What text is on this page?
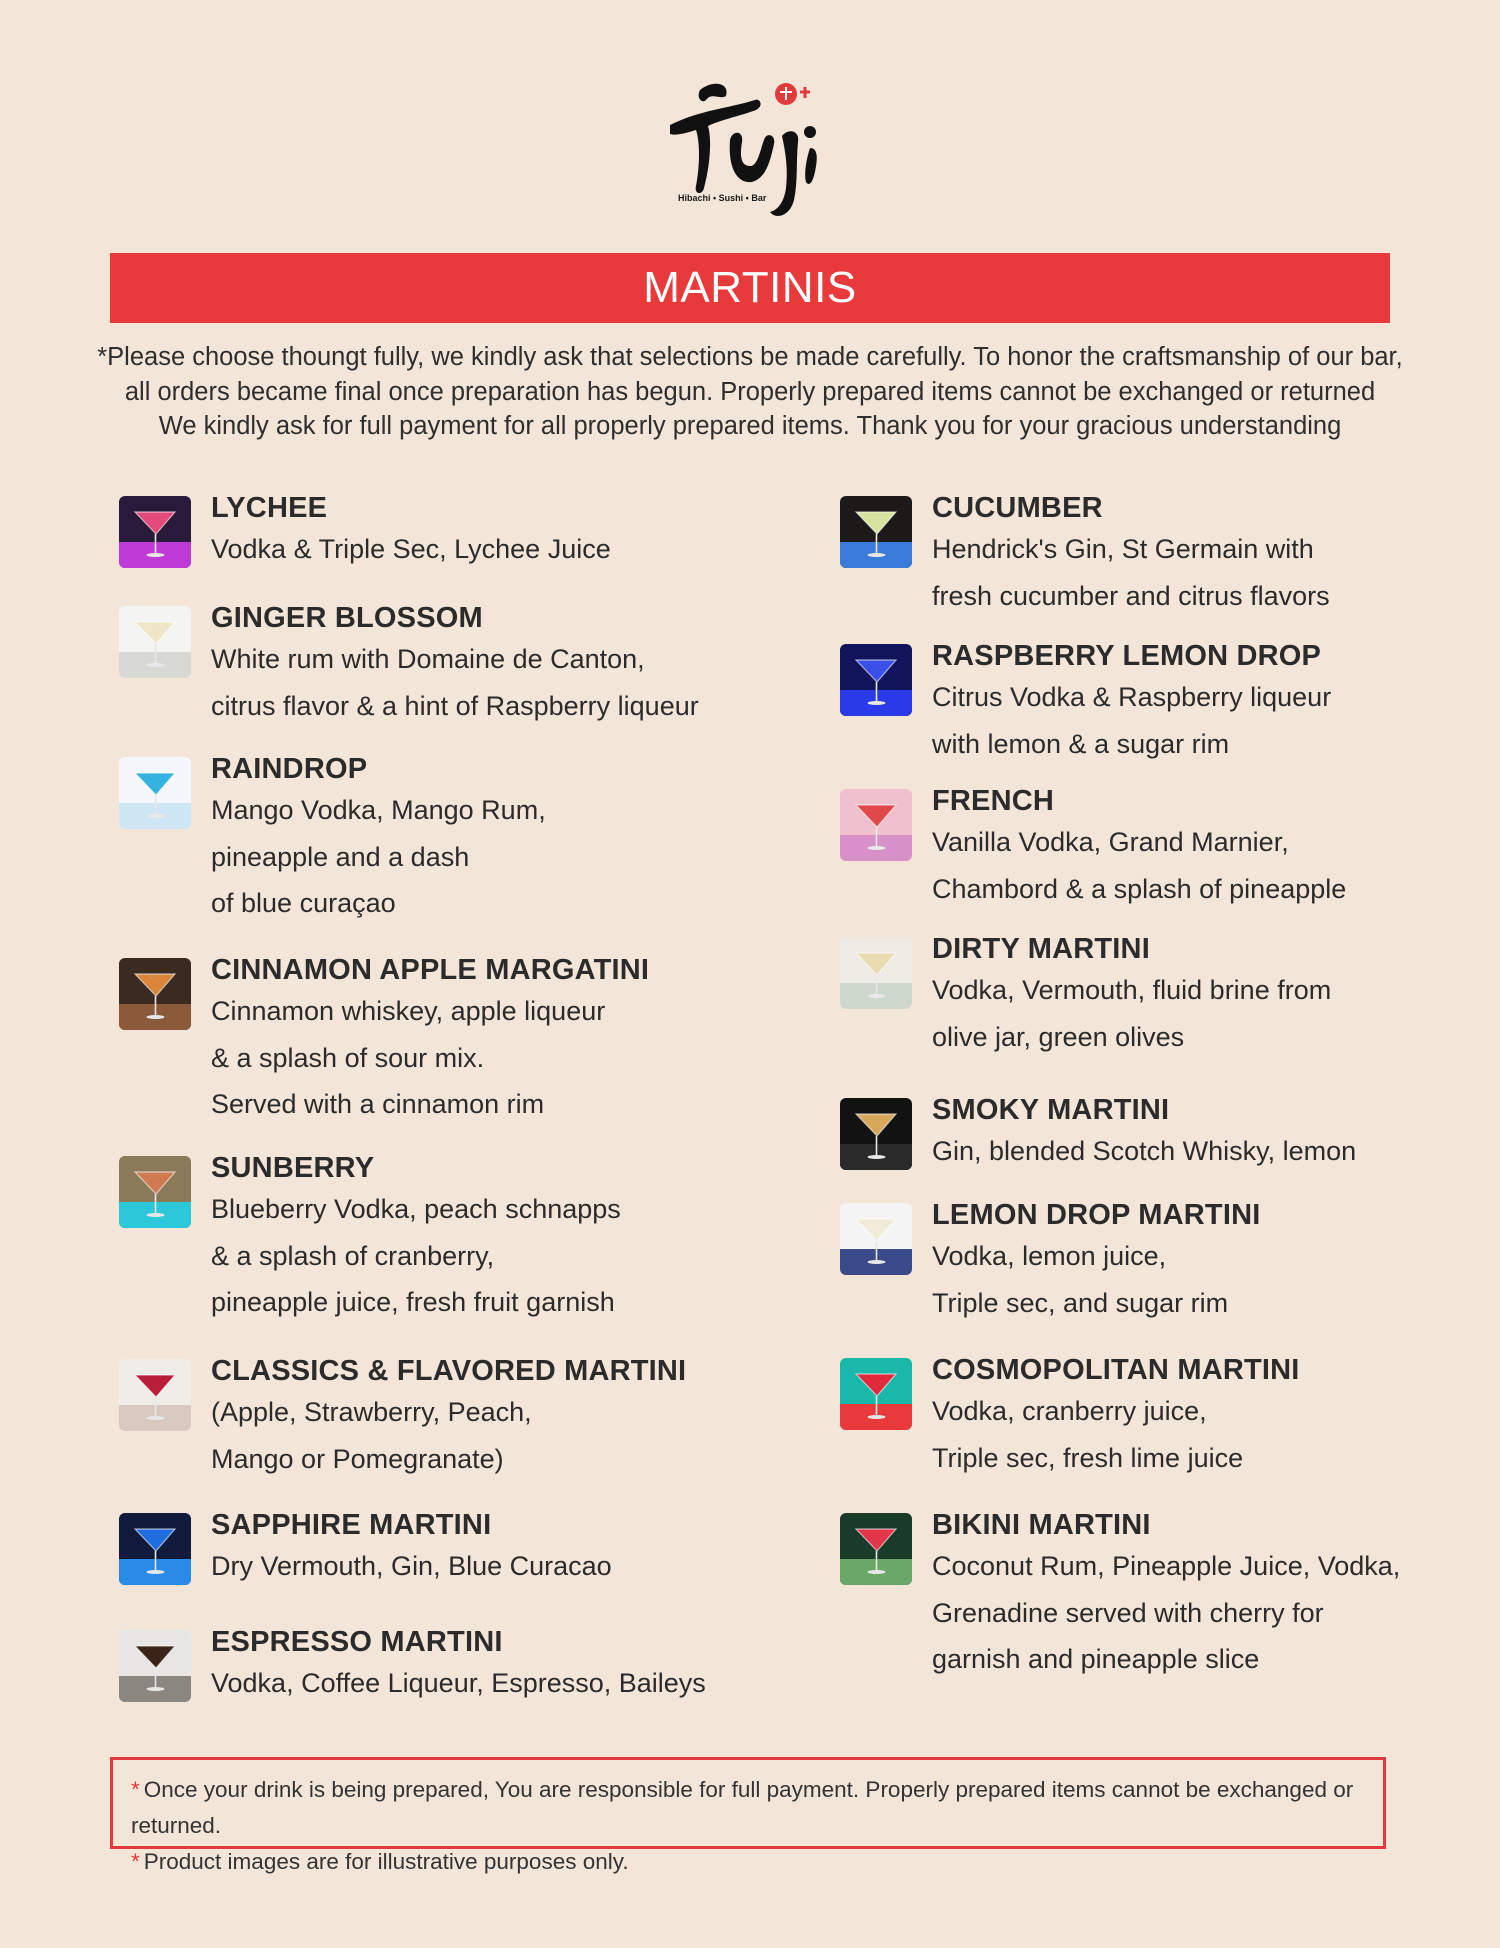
Hibachi • Sushi • Bar
MARTINIS

*Please choose thoungt fully, we kindly ask that selections be made carefully. To honor the craftsmanship of our bar,

all orders became final once preparation has begun. Properly prepared items cannot be exchanged or returned

We kindly ask for full payment for all properly prepared items. Thank you for your gracious understanding

LYCHEE
Vodka & Triple Sec, Lychee Juice
GINGER BLOSSOM
White rum with Domaine de Canton,
citrus flavor & a hint of Raspberry liqueur
RAINDROP
Mango Vodka, Mango Rum,
pineapple and a dash
of blue curaçao
CINNAMON APPLE MARGATINI
Cinnamon whiskey, apple liqueur
& a splash of sour mix.
Served with a cinnamon rim
SUNBERRY
Blueberry Vodka, peach schnapps
& a splash of cranberry,
pineapple juice, fresh fruit garnish
CLASSICS & FLAVORED MARTINI
(Apple, Strawberry, Peach,
Mango or Pomegranate)
SAPPHIRE MARTINI
Dry Vermouth, Gin, Blue Curacao
ESPRESSO MARTINI
Vodka, Coffee Liqueur, Espresso, Baileys
CUCUMBER
Hendrick's Gin, St Germain with
fresh cucumber and citrus flavors
RASPBERRY LEMON DROP
Citrus Vodka & Raspberry liqueur
with lemon & a sugar rim
FRENCH
Vanilla Vodka, Grand Marnier,
Chambord & a splash of pineapple
DIRTY MARTINI
Vodka, Vermouth, fluid brine from
olive jar, green olives
SMOKY MARTINI
Gin, blended Scotch Whisky, lemon
LEMON DROP MARTINI
Vodka, lemon juice,
Triple sec, and sugar rim
COSMOPOLITAN MARTINI
Vodka, cranberry juice,
Triple sec, fresh lime juice
BIKINI MARTINI
Coconut Rum, Pineapple Juice, Vodka,
Grenadine served with cherry for
garnish and pineapple slice
* Once your drink is being prepared, You are responsible for full payment. Properly prepared items cannot be exchanged or returned.
* Product images are for illustrative purposes only.
